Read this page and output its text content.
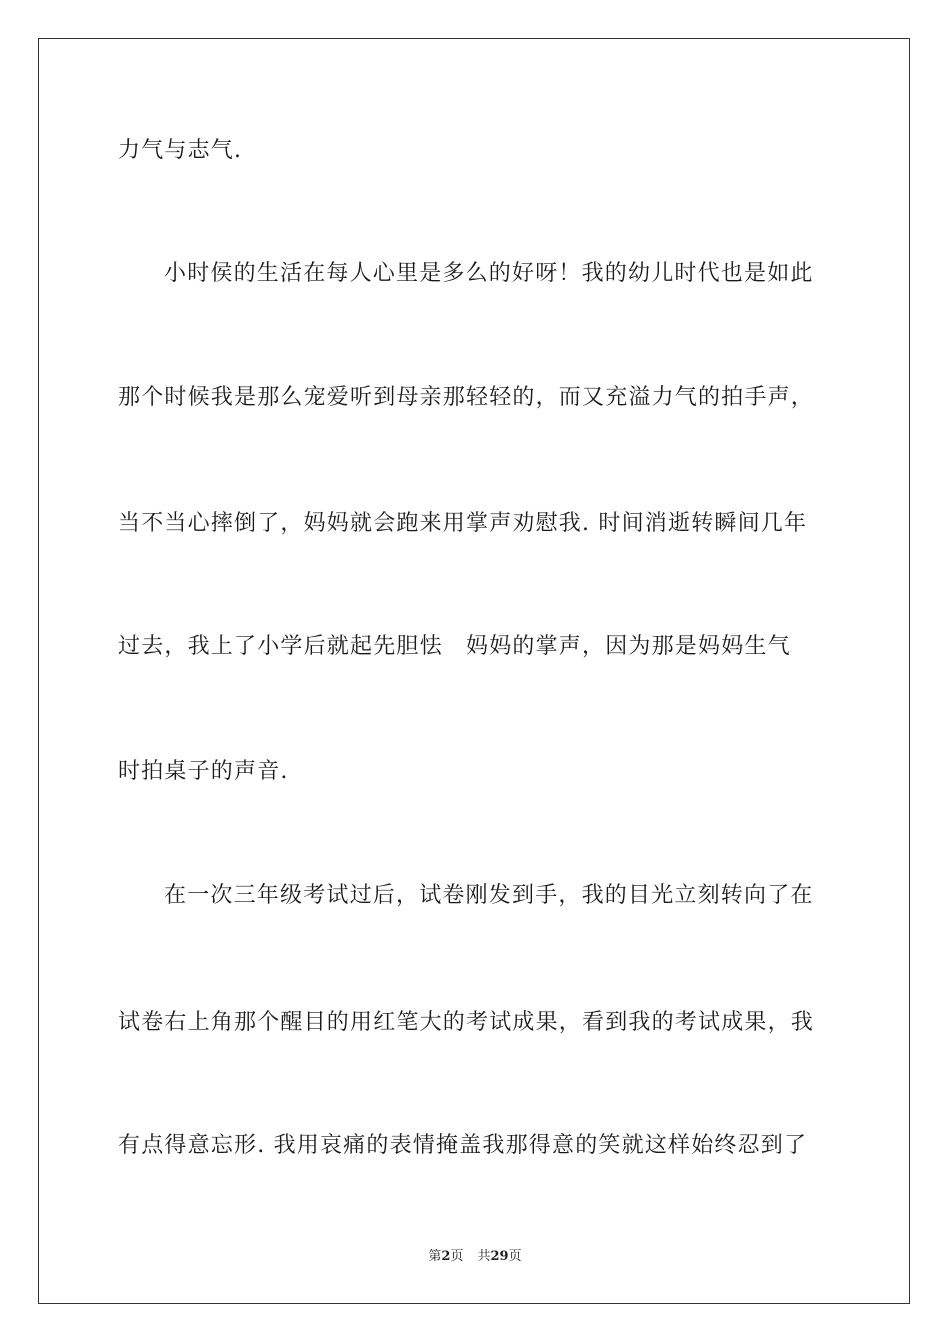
力气与志气.
小时侯的生活在每人心里是多么的好呀！我的幼儿时代也是如此
那个时候我是那么宠爱听到母亲那轻轻的，而又充溢力气的拍手声，
当不当心摔倒了，妈妈就会跑来用掌声劝慰我. 时间消逝转瞬间几年
过去，我上了小学后就起先胆怯　妈妈的掌声，因为那是妈妈生气
时拍桌子的声音.
在一次三年级考试过后，试卷刚发到手，我的目光立刻转向了在
试卷右上角那个醒目的用红笔大的考试成果，看到我的考试成果，我
有点得意忘形. 我用哀痛的表情掩盖我那得意的笑就这样始终忍到了
第2页 共29页
